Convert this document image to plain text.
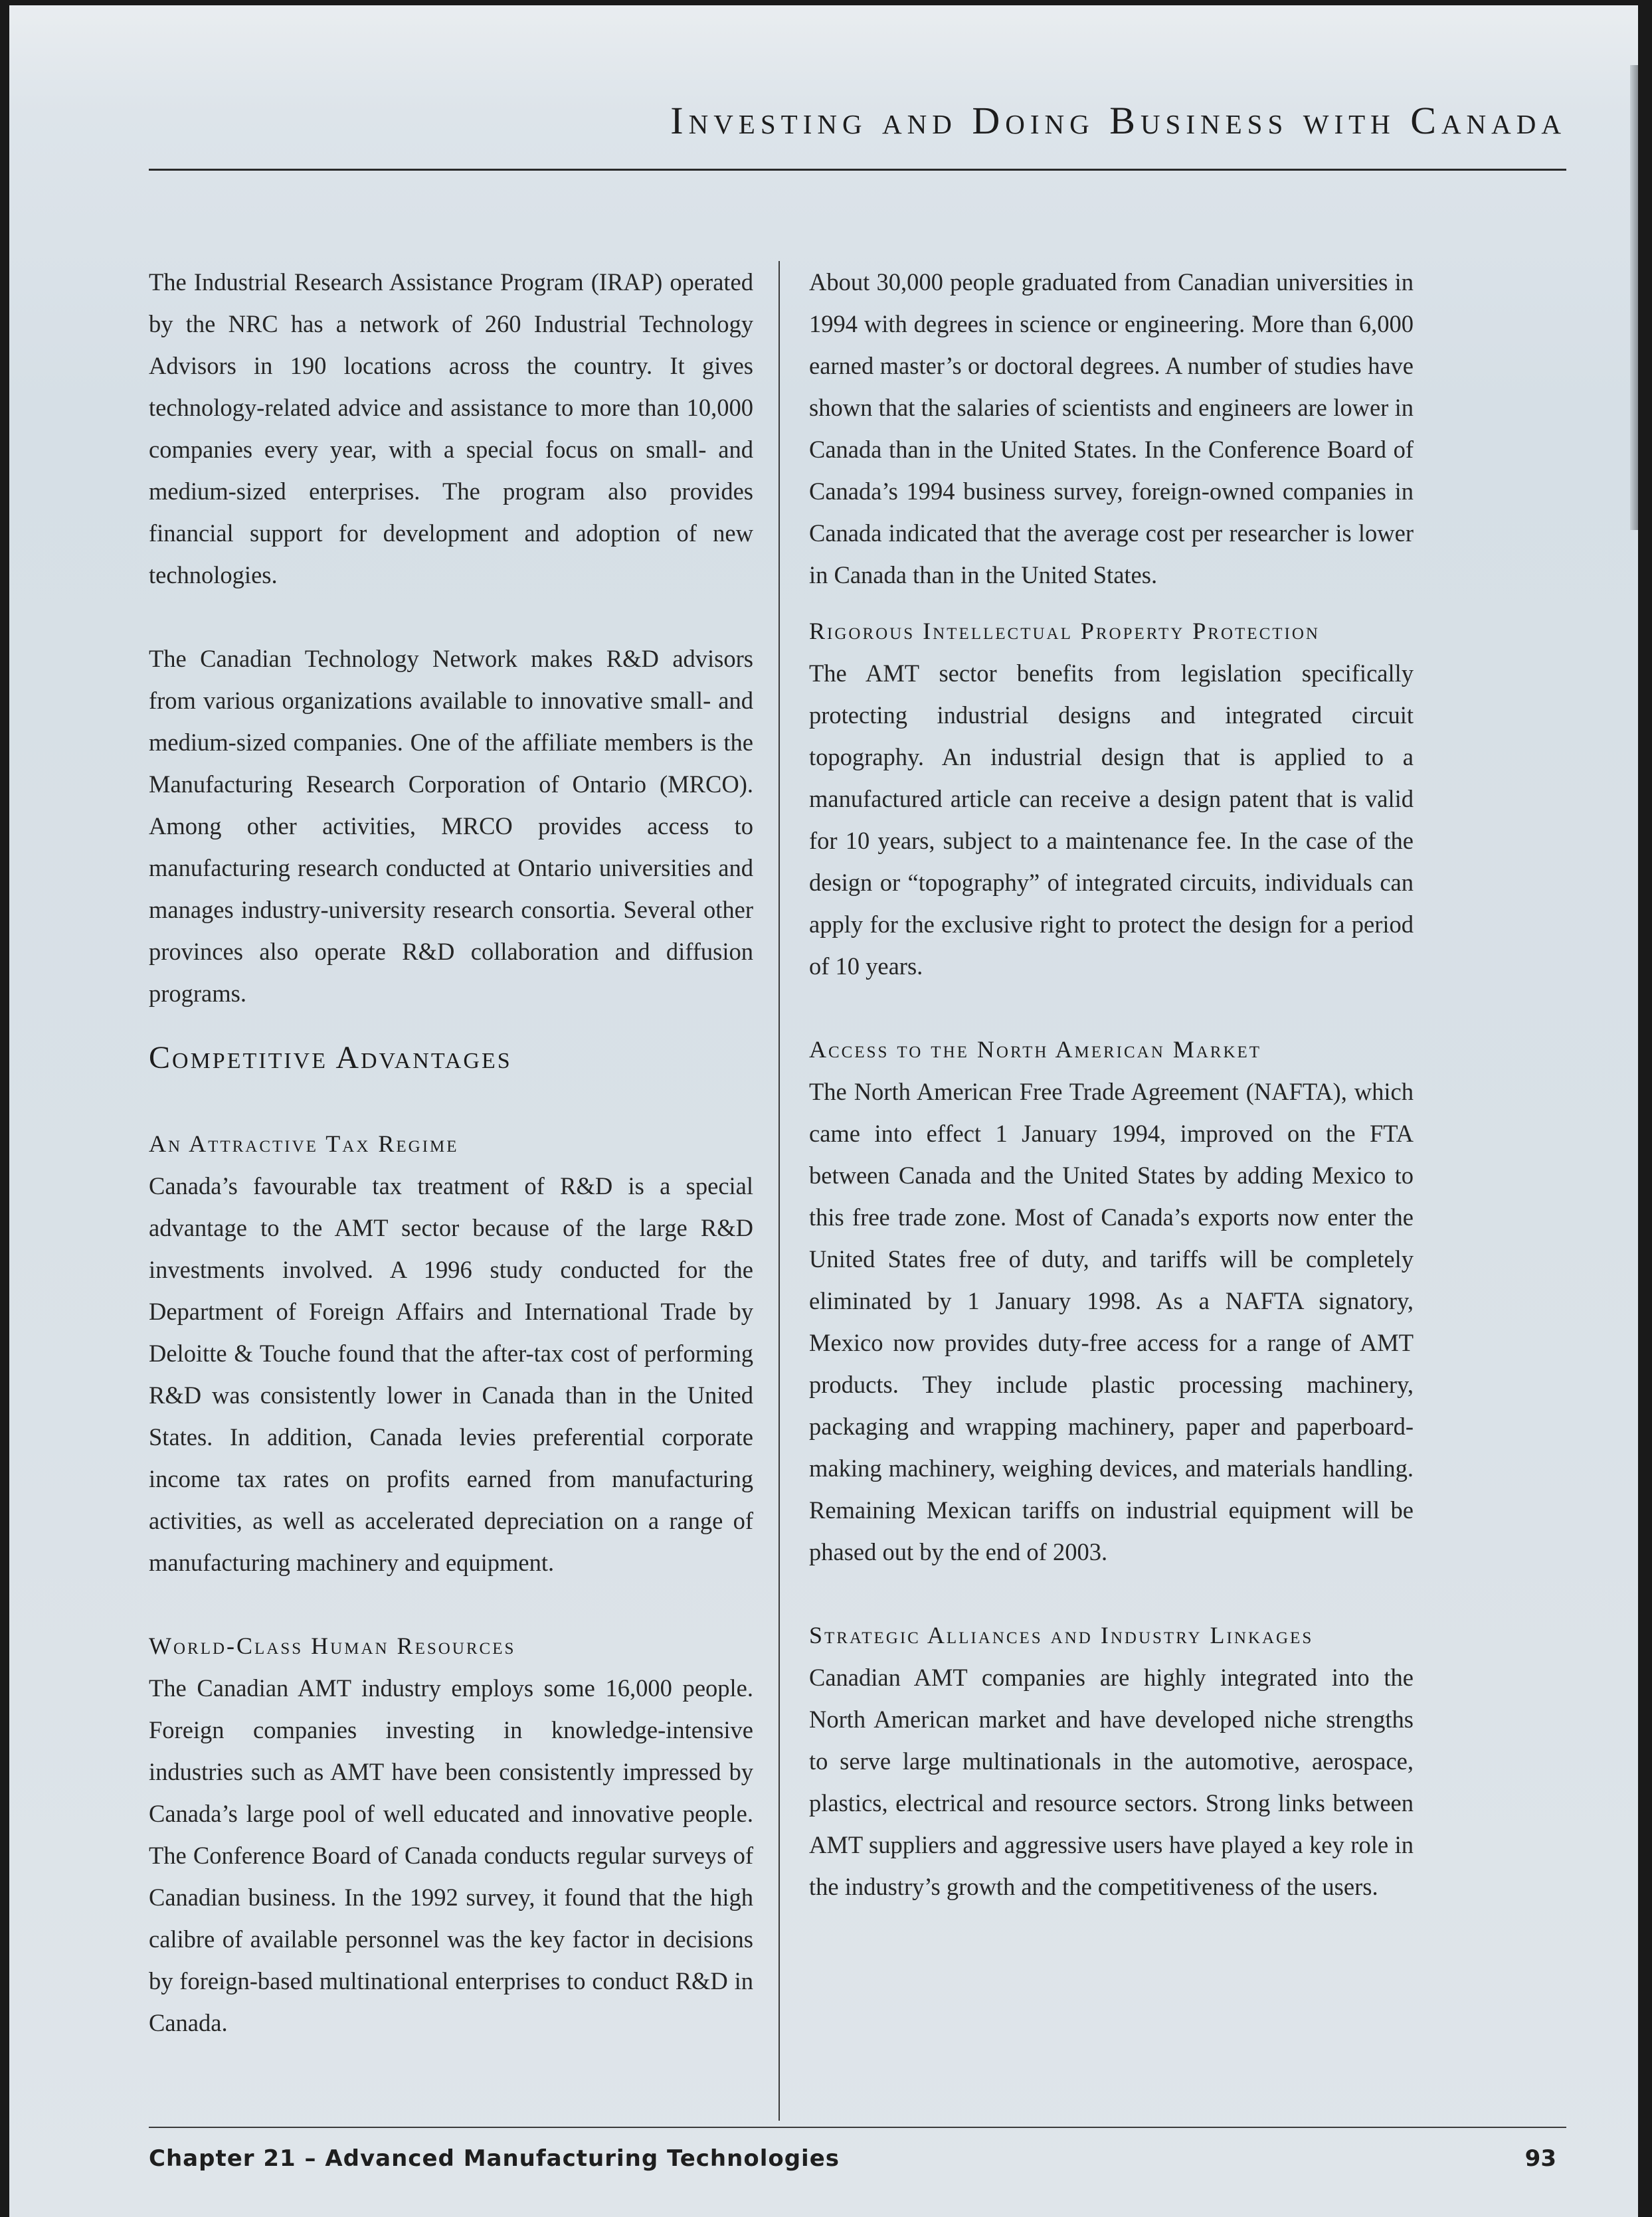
Investing and Doing Business with Canada

The Industrial Research Assistance Program (IRAP) operated by the NRC has a network of 260 Industrial Technology Advisors in 190 locations across the country. It gives technology-related advice and assistance to more than 10,000 companies every year, with a special focus on small- and medium-sized enterprises. The program also provides financial support for development and adoption of new technologies.

The Canadian Technology Network makes R&D advisors from various organizations available to innovative small- and medium-sized companies. One of the affiliate members is the Manufacturing Research Corporation of Ontario (MRCO). Among other activities, MRCO provides access to manufacturing research conducted at Ontario universities and manages industry-university research consortia. Several other provinces also operate R&D collaboration and diffusion programs.

Competitive Advantages
An Attractive Tax Regime

Canada’s favourable tax treatment of R&D is a special advantage to the AMT sector because of the large R&D investments involved. A 1996 study conducted for the Department of Foreign Affairs and International Trade by Deloitte & Touche found that the after-tax cost of performing R&D was consistently lower in Canada than in the United States. In addition, Canada levies preferential corporate income tax rates on profits earned from manufacturing activities, as well as accelerated depreciation on a range of manufacturing machinery and equipment.

World-Class Human Resources

The Canadian AMT industry employs some 16,000 people. Foreign companies investing in knowledge-intensive industries such as AMT have been consistently impressed by Canada’s large pool of well educated and innovative people. The Conference Board of Canada conducts regular surveys of Canadian business. In the 1992 survey, it found that the high calibre of available personnel was the key factor in decisions by foreign-based multinational enterprises to conduct R&D in Canada.

About 30,000 people graduated from Canadian universities in 1994 with degrees in science or engineering. More than 6,000 earned master’s or doctoral degrees. A number of studies have shown that the salaries of scientists and engineers are lower in Canada than in the United States. In the Conference Board of Canada’s 1994 business survey, foreign-owned companies in Canada indicated that the average cost per researcher is lower in Canada than in the United States.

Rigorous Intellectual Property Protection

The AMT sector benefits from legislation specifically protecting industrial designs and integrated circuit topography. An industrial design that is applied to a manufactured article can receive a design patent that is valid for 10 years, subject to a maintenance fee. In the case of the design or “topography” of integrated circuits, individuals can apply for the exclusive right to protect the design for a period of 10 years.

Access to the North American Market

The North American Free Trade Agreement (NAFTA), which came into effect 1 January 1994, improved on the FTA between Canada and the United States by adding Mexico to this free trade zone. Most of Canada’s exports now enter the United States free of duty, and tariffs will be completely eliminated by 1 January 1998. As a NAFTA signatory, Mexico now provides duty-free access for a range of AMT products. They include plastic processing machinery, packaging and wrapping machinery, paper and paperboard-making machinery, weighing devices, and materials handling. Remaining Mexican tariffs on industrial equipment will be phased out by the end of 2003.

Strategic Alliances and Industry Linkages

Canadian AMT companies are highly integrated into the North American market and have developed niche strengths to serve large multinationals in the automotive, aerospace, plastics, electrical and resource sectors. Strong links between AMT suppliers and aggressive users have played a key role in the industry’s growth and the competitiveness of the users.

Chapter 21 – Advanced Manufacturing Technologies	93
